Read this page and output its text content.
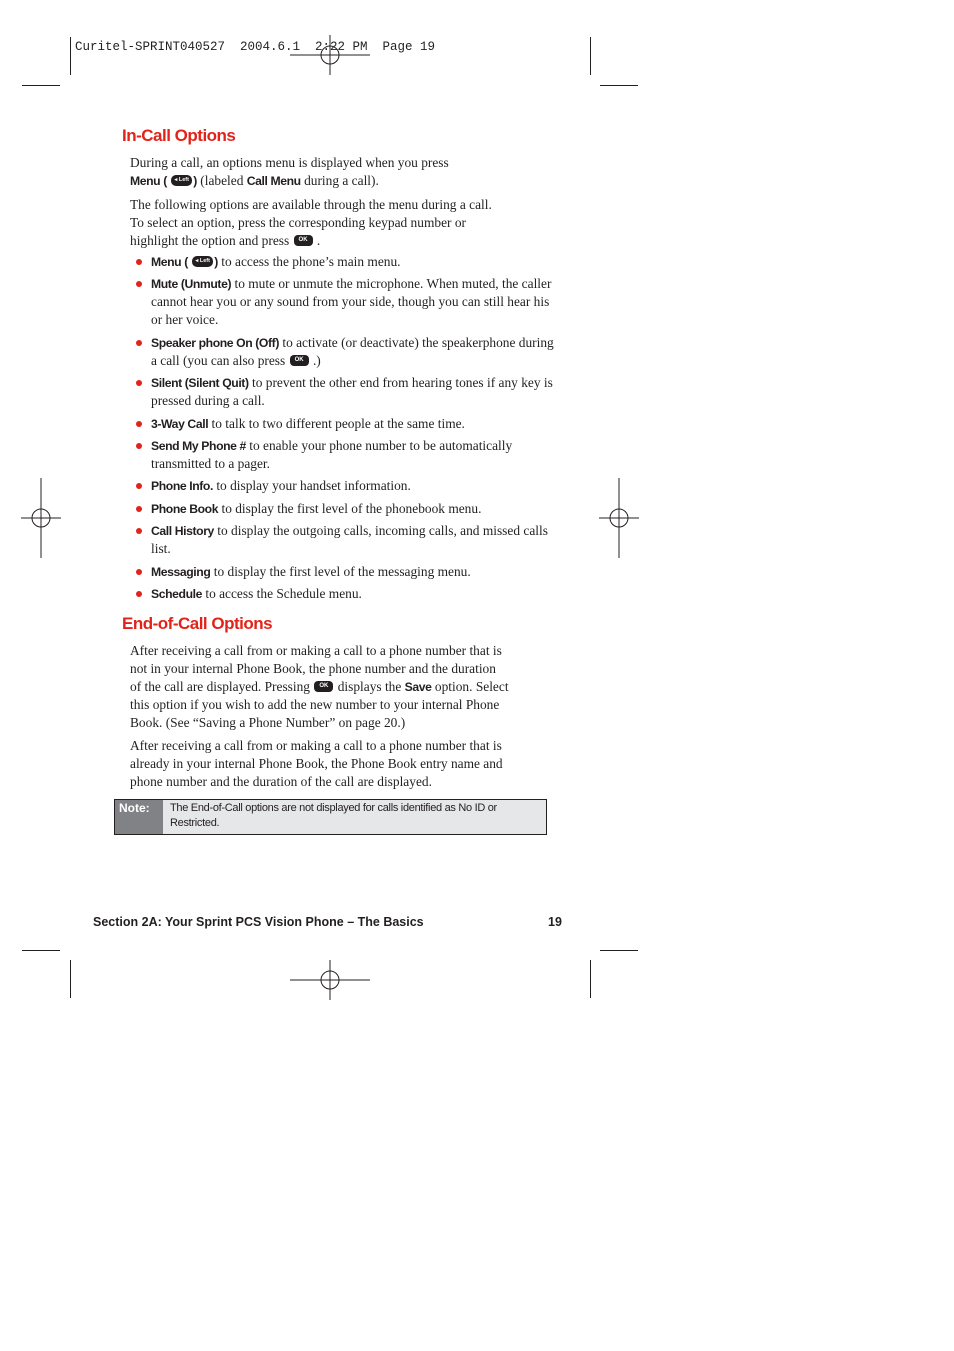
Curitel-SPRINT040527  2004.6.1  2:22 PM  Page 19
In-Call Options
During a call, an options menu is displayed when you press
Menu ( ◂ Left ) (labeled Call Menu during a call).
The following options are available through the menu during a call.
To select an option, press the corresponding keypad number or
highlight the option and press OK .
Menu ( ◂ Left ) to access the phone’s main menu.
Mute (Unmute) to mute or unmute the microphone. When muted, the caller cannot hear you or any sound from your side, though you can still hear his or her voice.
Speaker phone On (Off) to activate (or deactivate) the speakerphone during a call (you can also press OK .)
Silent (Silent Quit) to prevent the other end from hearing tones if any key is pressed during a call.
3-Way Call to talk to two different people at the same time.
Send My Phone # to enable your phone number to be automatically transmitted to a pager.
Phone Info. to display your handset information.
Phone Book to display the first level of the phonebook menu.
Call History to display the outgoing calls, incoming calls, and missed calls list.
Messaging to display the first level of the messaging menu.
Schedule to access the Schedule menu.
End-of-Call Options
After receiving a call from or making a call to a phone number that is
not in your internal Phone Book, the phone number and the duration
of the call are displayed. Pressing OK displays the Save option. Select
this option if you wish to add the new number to your internal Phone
Book. (See “Saving a Phone Number” on page 20.)
After receiving a call from or making a call to a phone number that is
already in your internal Phone Book, the Phone Book entry name and
phone number and the duration of the call are displayed.
Note:	The End-of-Call options are not displayed for calls identified as No ID or
Restricted.
Section 2A: Your Sprint PCS Vision Phone – The Basics	19
